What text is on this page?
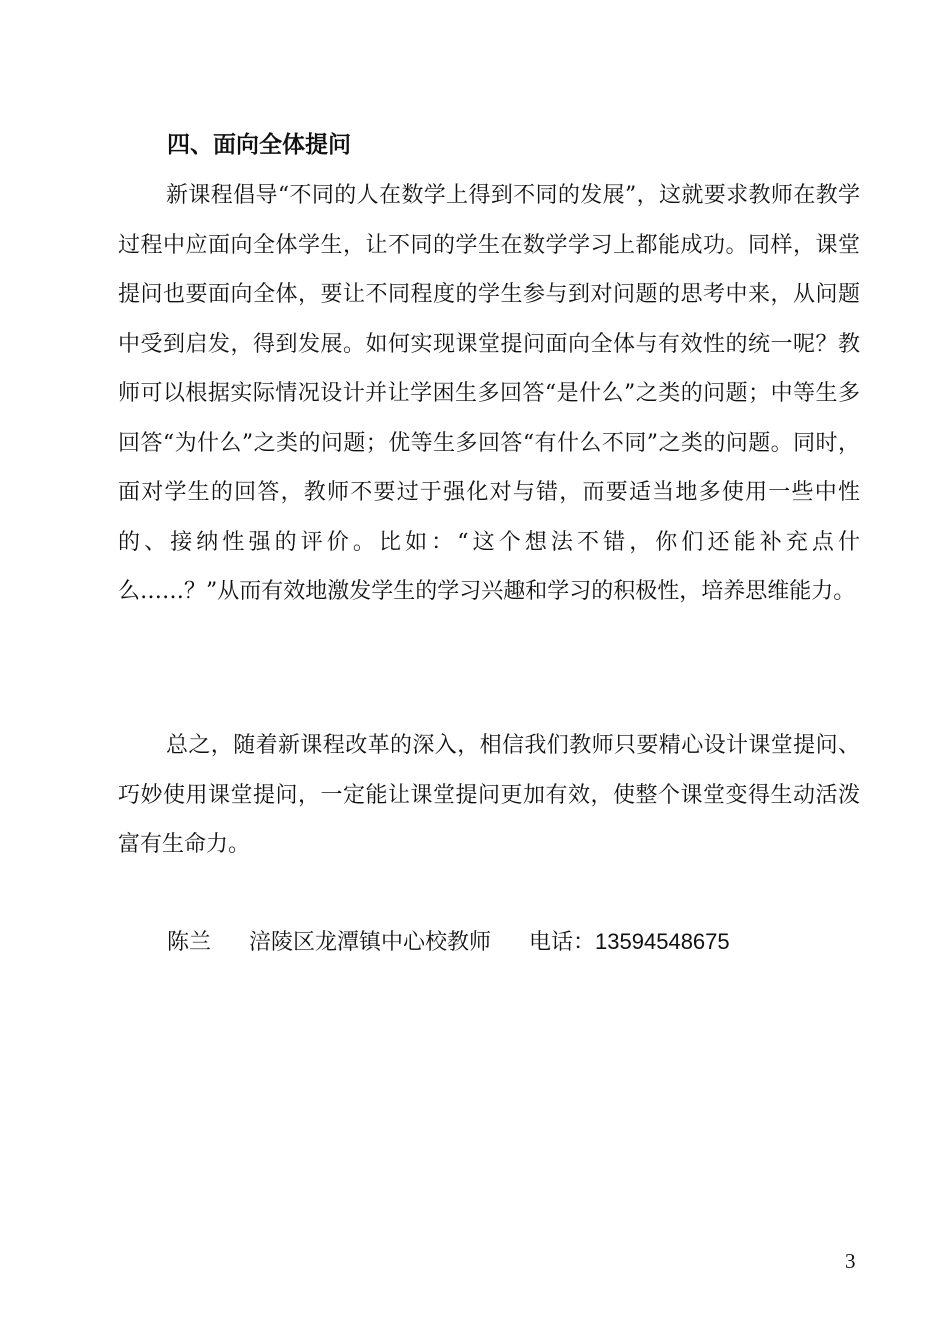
四、面向全体提问

新课程倡导“不同的人在数学上得到不同的发展”，这就要求教师在教学过程中应面向全体学生，让不同的学生在数学学习上都能成功。同样，课堂提问也要面向全体，要让不同程度的学生参与到对问题的思考中来，从问题中受到启发，得到发展。如何实现课堂提问面向全体与有效性的统一呢？教师可以根据实际情况设计并让学困生多回答“是什么”之类的问题；中等生多回答“为什么”之类的问题；优等生多回答“有什么不同”之类的问题。同时，面对学生的回答，教师不要过于强化对与错，而要适当地多使用一些中性的、接纳性强的评价。比如：“这个想法不错，你们还能补充点什么……？”从而有效地激发学生的学习兴趣和学习的积极性，培养思维能力。

总之，随着新课程改革的深入，相信我们教师只要精心设计课堂提问、巧妙使用课堂提问，一定能让课堂提问更加有效，使整个课堂变得生动活泼富有生命力。

陈兰 涪陵区龙潭镇中心校教师 电话：13594548675
3
